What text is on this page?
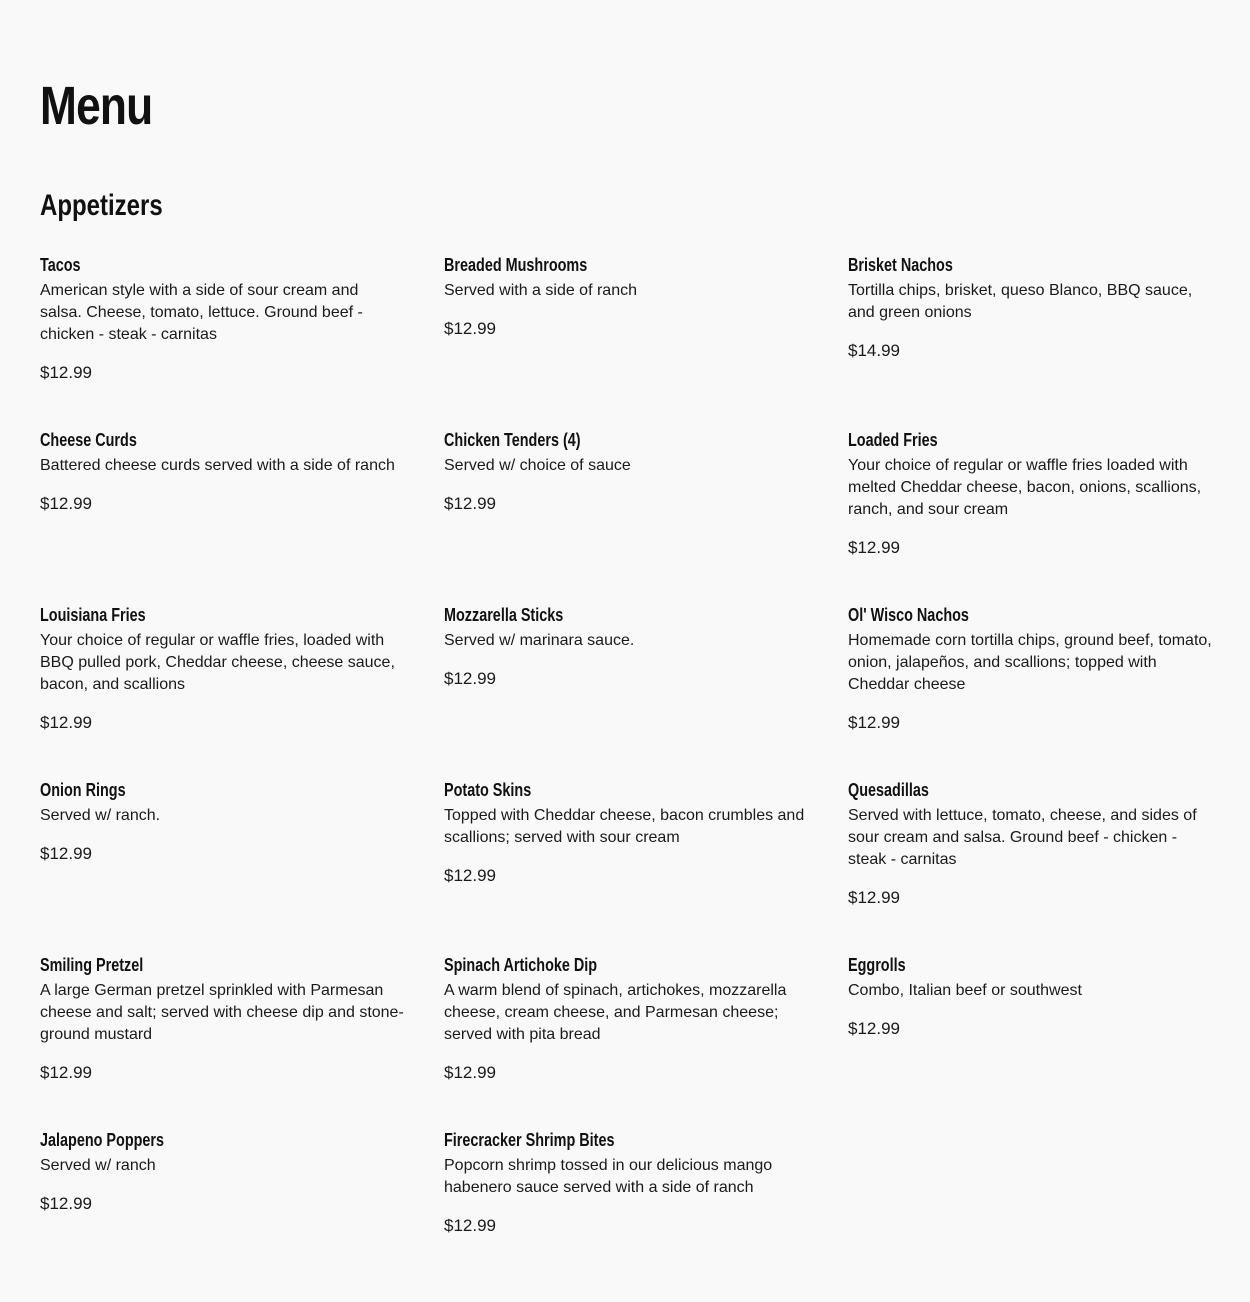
Menu
Appetizers
Tacos
American style with a side of sour cream and salsa. Cheese, tomato, lettuce. Ground beef - chicken - steak - carnitas
$12.99
Breaded Mushrooms
Served with a side of ranch
$12.99
Brisket Nachos
Tortilla chips, brisket, queso Blanco, BBQ sauce, and green onions
$14.99
Cheese Curds
Battered cheese curds served with a side of ranch
$12.99
Chicken Tenders (4)
Served w/ choice of sauce
$12.99
Loaded Fries
Your choice of regular or waffle fries loaded with melted Cheddar cheese, bacon, onions, scallions, ranch, and sour cream
$12.99
Louisiana Fries
Your choice of regular or waffle fries, loaded with BBQ pulled pork, Cheddar cheese, cheese sauce, bacon, and scallions
$12.99
Mozzarella Sticks
Served w/ marinara sauce.
$12.99
Ol' Wisco Nachos
Homemade corn tortilla chips, ground beef, tomato, onion, jalapeños, and scallions; topped with Cheddar cheese
$12.99
Onion Rings
Served w/ ranch.
$12.99
Potato Skins
Topped with Cheddar cheese, bacon crumbles and scallions; served with sour cream
$12.99
Quesadillas
Served with lettuce, tomato, cheese, and sides of sour cream and salsa. Ground beef - chicken - steak - carnitas
$12.99
Smiling Pretzel
A large German pretzel sprinkled with Parmesan cheese and salt; served with cheese dip and stone-ground mustard
$12.99
Spinach Artichoke Dip
A warm blend of spinach, artichokes, mozzarella cheese, cream cheese, and Parmesan cheese; served with pita bread
$12.99
Eggrolls
Combo, Italian beef or southwest
$12.99
Jalapeno Poppers
Served w/ ranch
$12.99
Firecracker Shrimp Bites
Popcorn shrimp tossed in our delicious mango habenero sauce served with a side of ranch
$12.99
